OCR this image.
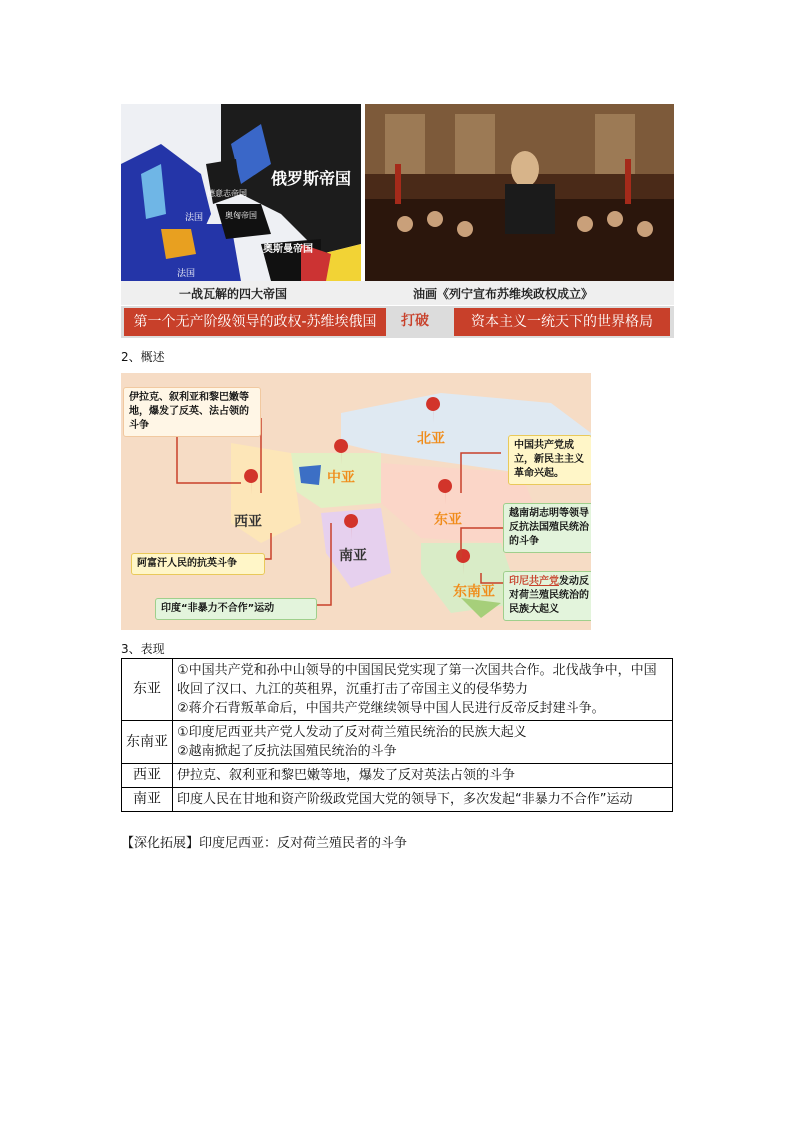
俄罗斯帝国
德意志帝国
奥匈帝国
法国
奥斯曼帝国
法国
一战瓦解的四大帝国	油画《列宁宣布苏维埃政权成立》
第一个无产阶级领导的政权-苏维埃俄国	打破	资本主义一统天下的世界格局
2、概述
北亚
中亚
西亚	东亚
南亚
东南亚
伊拉克、叙利亚和黎巴嫩等地，爆发了反英、法占领的斗争
中国共产党成立，新民主主义革命兴起。
越南胡志明等领导反抗法国殖民统治的斗争
阿富汗人民的抗英斗争
印度“非暴力不合作”运动
印尼共产党发动反对荷兰殖民统治的民族大起义
3、表现
东亚	①中国共产党和孙中山领导的中国国民党实现了第一次国共合作。北伐战争中，中国收回了汉口、九江的英租界，沉重打击了帝国主义的侵华势力
②蒋介石背叛革命后，中国共产党继续领导中国人民进行反帝反封建斗争。

东南亚	①印度尼西亚共产党人发动了反对荷兰殖民统治的民族大起义
②越南掀起了反抗法国殖民统治的斗争

西亚	伊拉克、叙利亚和黎巴嫩等地，爆发了反对英法占领的斗争

南亚	印度人民在甘地和资产阶级政党国大党的领导下，多次发起“非暴力不合作”运动
【深化拓展】印度尼西亚：反对荷兰殖民者的斗争
